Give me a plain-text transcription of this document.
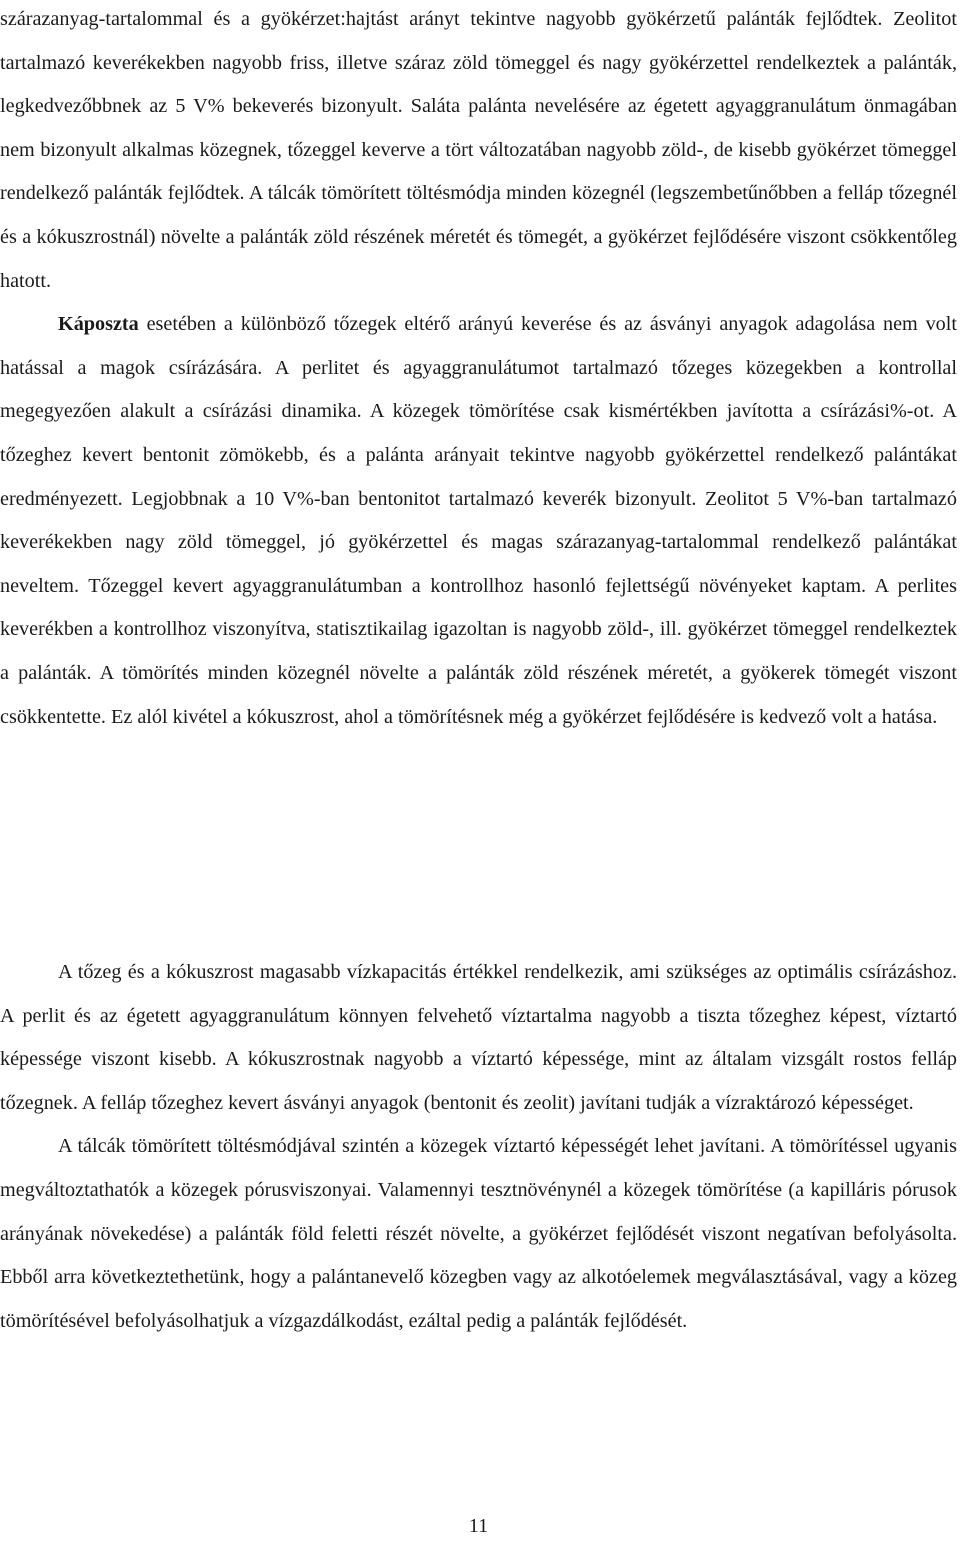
szárazanyag-tartalommal és a gyökérzet:hajtást arányt tekintve nagyobb gyökérzetű palánták fejlődtek. Zeolitot tartalmazó keverékekben nagyobb friss, illetve száraz zöld tömeggel és nagy gyökérzettel rendelkeztek a palánták, legkedvezőbbnek az 5 V% bekeverés bizonyult. Saláta palánta nevelésére az égetett agyaggranulátum önmagában nem bizonyult alkalmas közegnek, tőzeggel keverve a tört változatában nagyobb zöld-, de kisebb gyökérzet tömeggel rendelkező palánták fejlődtek. A tálcák tömörített töltésmódja minden közegnél (legszembetűnőbben a felláp tőzegnél és a kókuszrostnál) növelte a palánták zöld részének méretét és tömegét, a gyökérzet fejlődésére viszont csökkentőleg hatott.

Káposzta esetében a különböző tőzegek eltérő arányú keverése és az ásványi anyagok adagolása nem volt hatással a magok csírázására. A perlitet és agyaggranulátumot tartalmazó tőzeges közegekben a kontrollal megegyezően alakult a csírázási dinamika. A közegek tömörítése csak kismértékben javította a csírázási%-ot. A tőzeghez kevert bentonit zömökebb, és a palánta arányait tekintve nagyobb gyökérzettel rendelkező palántákat eredményezett. Legjobbnak a 10 V%-ban bentonitot tartalmazó keverék bizonyult. Zeolitot 5 V%-ban tartalmazó keverékekben nagy zöld tömeggel, jó gyökérzettel és magas szárazanyag-tartalommal rendelkező palántákat neveltem. Tőzeggel kevert agyaggranulátumban a kontrollhoz hasonló fejlettségű növényeket kaptam. A perlites keverékben a kontrollhoz viszonyítva, statisztikailag igazoltan is nagyobb zöld-, ill. gyökérzet tömeggel rendelkeztek a palánták. A tömörítés minden közegnél növelte a palánták zöld részének méretét, a gyökerek tömegét viszont csökkentette. Ez alól kivétel a kókuszrost, ahol a tömörítésnek még a gyökérzet fejlődésére is kedvező volt a hatása.

A tőzeg és a kókuszrost magasabb vízkapacitás értékkel rendelkezik, ami szükséges az optimális csírázáshoz. A perlit és az égetett agyaggranulátum könnyen felvehető víztartalma nagyobb a tiszta tőzeghez képest, víztartó képessége viszont kisebb. A kókuszrostnak nagyobb a víztartó képessége, mint az általam vizsgált rostos felláp tőzegnek. A felláp tőzeghez kevert ásványi anyagok (bentonit és zeolit) javítani tudják a vízraktározó képességet.

A tálcák tömörített töltésmódjával szintén a közegek víztartó képességét lehet javítani. A tömörítéssel ugyanis megváltoztathatók a közegek pórusviszonyai. Valamennyi tesztnövénynél a közegek tömörítése (a kapilláris pórusok arányának növekedése) a palánták föld feletti részét növelte, a gyökérzet fejlődését viszont negatívan befolyásolta. Ebből arra következtethetünk, hogy a palántanevelő közegben vagy az alkotóelemek megválasztásával, vagy a közeg tömörítésével befolyásolhatjuk a vízgazdálkodást, ezáltal pedig a palánták fejlődését.

11
